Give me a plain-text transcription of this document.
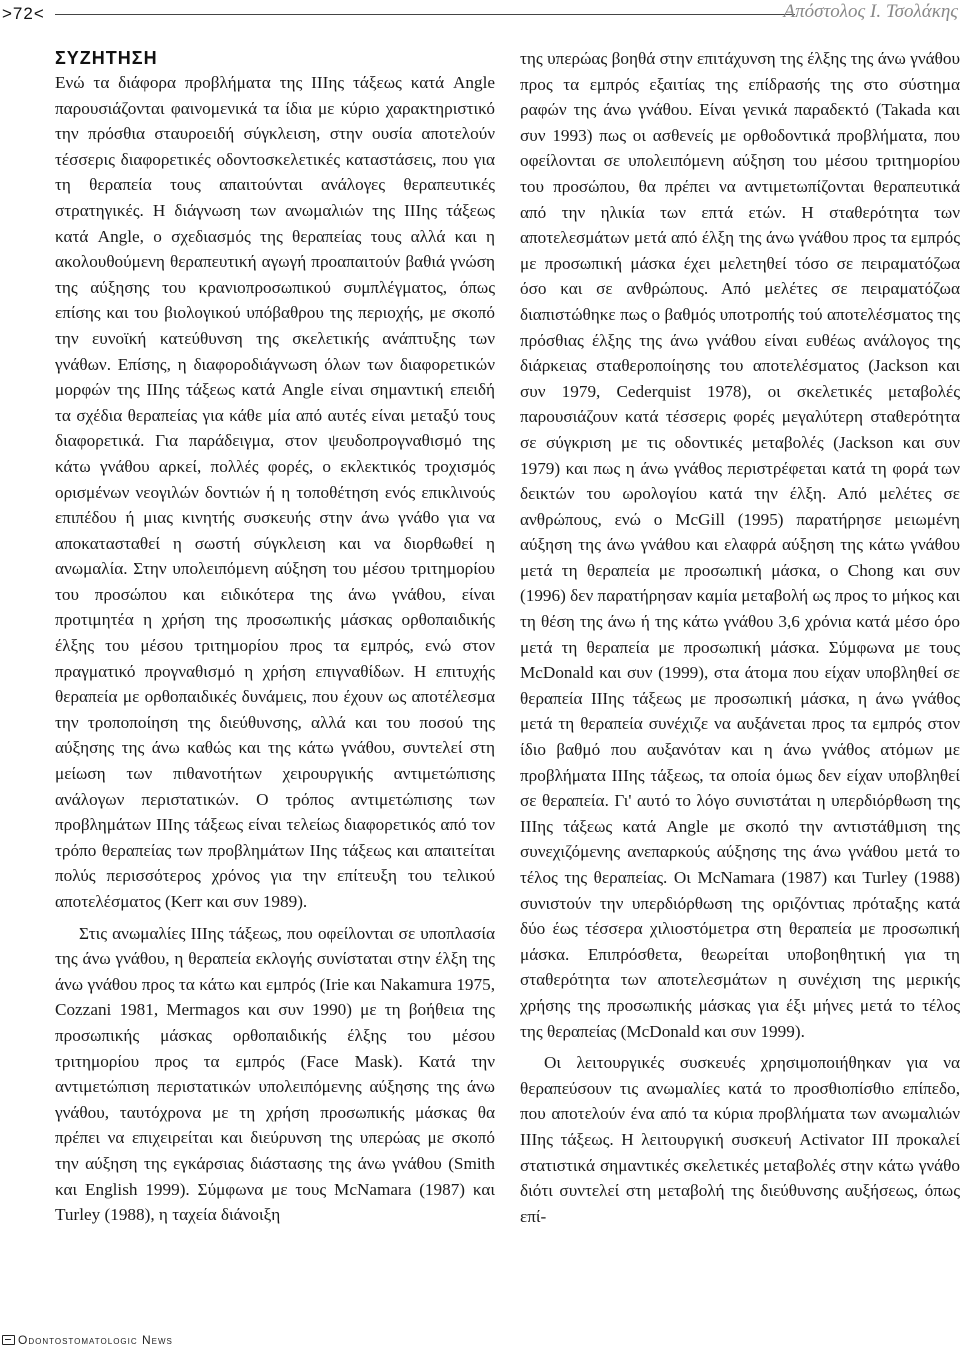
>72<	Απόστολος Ι. Τσολάκης
ΣΥΖΗΤΗΣΗ

Ενώ τα διάφορα προβλήματα της ΙΙΙης τάξεως κατά Angle παρουσιάζονται φαινομενικά τα ίδια με κύριο χαρακτηριστικό την πρόσθια σταυροειδή σύγκλειση, στην ουσία αποτελούν τέσσερις διαφορετικές οδοντοσκελετικές καταστάσεις, που για τη θεραπεία τους απαιτούνται ανάλογες θεραπευτικές στρατηγικές. Η διάγνωση των ανωμαλιών της ΙΙΙης τάξεως κατά Angle, ο σχεδιασμός της θεραπείας τους αλλά και η ακολουθούμενη θεραπευτική αγωγή προαπαιτούν βαθιά γνώση της αύξησης του κρανιοπροσωπικού συμπλέγματος, όπως επίσης και του βιολογικού υπόβαθρου της περιοχής, με σκοπό την ευνοϊκή κατεύθυνση της σκελετικής ανάπτυξης των γνάθων. Επίσης, η διαφοροδιάγνωση όλων των διαφορετικών μορφών της ΙΙΙης τάξεως κατά Angle είναι σημαντική επειδή τα σχέδια θεραπείας για κάθε μία από αυτές είναι μεταξύ τους διαφορετικά. Για παράδειγμα, στον ψευδοπρογναθισμό της κάτω γνάθου αρκεί, πολλές φορές, ο εκλεκτικός τροχισμός ορισμένων νεογιλών δοντιών ή η τοποθέτηση ενός επικλινούς επιπέδου ή μιας κινητής συσκευής στην άνω γνάθο για να αποκατασταθεί η σωστή σύγκλειση και να διορθωθεί η ανωμαλία. Στην υπολειπόμενη αύξηση του μέσου τριτημορίου του προσώπου και ειδικότερα της άνω γνάθου, είναι προτιμητέα η χρήση της προσωπικής μάσκας ορθοπαιδικής έλξης του μέσου τριτημορίου προς τα εμπρός, ενώ στον πραγματικό προγναθισμό η χρήση επιγναθίδων. Η επιτυχής θεραπεία με ορθοπαιδικές δυνάμεις, που έχουν ως αποτέλεσμα την τροποποίηση της διεύθυνσης, αλλά και του ποσού της αύξησης της άνω καθώς και της κάτω γνάθου, συντελεί στη μείωση των πιθανοτήτων χειρουργικής αντιμετώπισης ανάλογων περιστατικών. Ο τρόπος αντιμετώπισης των προβλημάτων ΙΙΙης τάξεως είναι τελείως διαφορετικός από τον τρόπο θεραπείας των προβλημάτων ΙΙης τάξεως και απαιτείται πολύς περισσότερος χρόνος για την επίτευξη του τελικού αποτελέσματος (Kerr και συν 1989).

Στις ανωμαλίες ΙΙΙης τάξεως, που οφείλονται σε υποπλασία της άνω γνάθου, η θεραπεία εκλογής συνίσταται στην έλξη της άνω γνάθου προς τα κάτω και εμπρός (Irie και Nakamura 1975, Cozzani 1981, Mermagos και συν 1990) με τη βοήθεια της προσωπικής μάσκας ορθοπαιδικής έλξης του μέσου τριτημορίου προς τα εμπρός (Face Mask). Κατά την αντιμετώπιση περιστατικών υπολειπόμενης αύξησης της άνω γνάθου, ταυτόχρονα με τη χρήση προσωπικής μάσκας θα πρέπει να επιχειρείται και διεύρυνση της υπερώας με σκοπό την αύξηση της εγκάρσιας διάστασης της άνω γνάθου (Smith και English 1999). Σύμφωνα με τους McNamara (1987) και Turley (1988), η ταχεία διάνοιξη

της υπερώας βοηθά στην επιτάχυνση της έλξης της άνω γνάθου προς τα εμπρός εξαιτίας της επίδρασής της στο σύστημα ραφών της άνω γνάθου. Είναι γενικά παραδεκτό (Takada και συν 1993) πως οι ασθενείς με ορθοδοντικά προβλήματα, που οφείλονται σε υπολειπόμενη αύξηση του μέσου τριτημορίου του προσώπου, θα πρέπει να αντιμετωπίζονται θεραπευτικά από την ηλικία των επτά ετών. Η σταθερότητα των αποτελεσμάτων μετά από έλξη της άνω γνάθου προς τα εμπρός με προσωπική μάσκα έχει μελετηθεί τόσο σε πειραματόζωα όσο και σε ανθρώπους. Από μελέτες σε πειραματόζωα διαπιστώθηκε πως ο βαθμός υποτροπής τού αποτελέσματος της πρόσθιας έλξης της άνω γνάθου είναι ευθέως ανάλογος της διάρκειας σταθεροποίησης του αποτελέσματος (Jackson και συν 1979, Cederquist 1978), οι σκελετικές μεταβολές παρουσιάζουν κατά τέσσερις φορές μεγαλύτερη σταθερότητα σε σύγκριση με τις οδοντικές μεταβολές (Jackson και συν 1979) και πως η άνω γνάθος περιστρέφεται κατά τη φορά των δεικτών του ωρολογίου κατά την έλξη. Από μελέτες σε ανθρώπους, ενώ ο McGill (1995) παρατήρησε μειωμένη αύξηση της άνω γνάθου και ελαφρά αύξηση της κάτω γνάθου μετά τη θεραπεία με προσωπική μάσκα, ο Chong και συν (1996) δεν παρατήρησαν καμία μεταβολή ως προς το μήκος και τη θέση της άνω ή της κάτω γνάθου 3,6 χρόνια κατά μέσο όρο μετά τη θεραπεία με προσωπική μάσκα. Σύμφωνα με τους McDonald και συν (1999), στα άτομα που είχαν υποβληθεί σε θεραπεία ΙΙΙης τάξεως με προσωπική μάσκα, η άνω γνάθος μετά τη θεραπεία συνέχιζε να αυξάνεται προς τα εμπρός στον ίδιο βαθμό που αυξανόταν και η άνω γνάθος ατόμων με προβλήματα ΙΙΙης τάξεως, τα οποία όμως δεν είχαν υποβληθεί σε θεραπεία. Γι' αυτό το λόγο συνιστάται η υπερδιόρθωση της ΙΙΙης τάξεως κατά Angle με σκοπό την αντιστάθμιση της συνεχιζόμενης ανεπαρκούς αύξησης της άνω γνάθου μετά το τέλος της θεραπείας. Οι McNamara (1987) και Turley (1988) συνιστούν την υπερδιόρθωση της οριζόντιας πρόταξης κατά δύο έως τέσσερα χιλιοστόμετρα στη θεραπεία με προσωπική μάσκα. Επιπρόσθετα, θεωρείται υποβοηθητική για τη σταθερότητα των αποτελεσμάτων η συνέχιση της μερικής χρήσης της προσωπικής μάσκας για έξι μήνες μετά το τέλος της θεραπείας (McDonald και συν 1999).

Οι λειτουργικές συσκευές χρησιμοποιήθηκαν για να θεραπεύσουν τις ανωμαλίες κατά το προσθιοπίσθιο επίπεδο, που αποτελούν ένα από τα κύρια προβλήματα των ανωμαλιών ΙΙΙης τάξεως. Η λειτουργική συσκευή Activator ΙΙΙ προκαλεί στατιστικά σημαντικές σκελετικές μεταβολές στην κάτω γνάθο διότι συντελεί στη μεταβολή της διεύθυνσης αυξήσεως, όπως επί-

Odontostomatologic News
